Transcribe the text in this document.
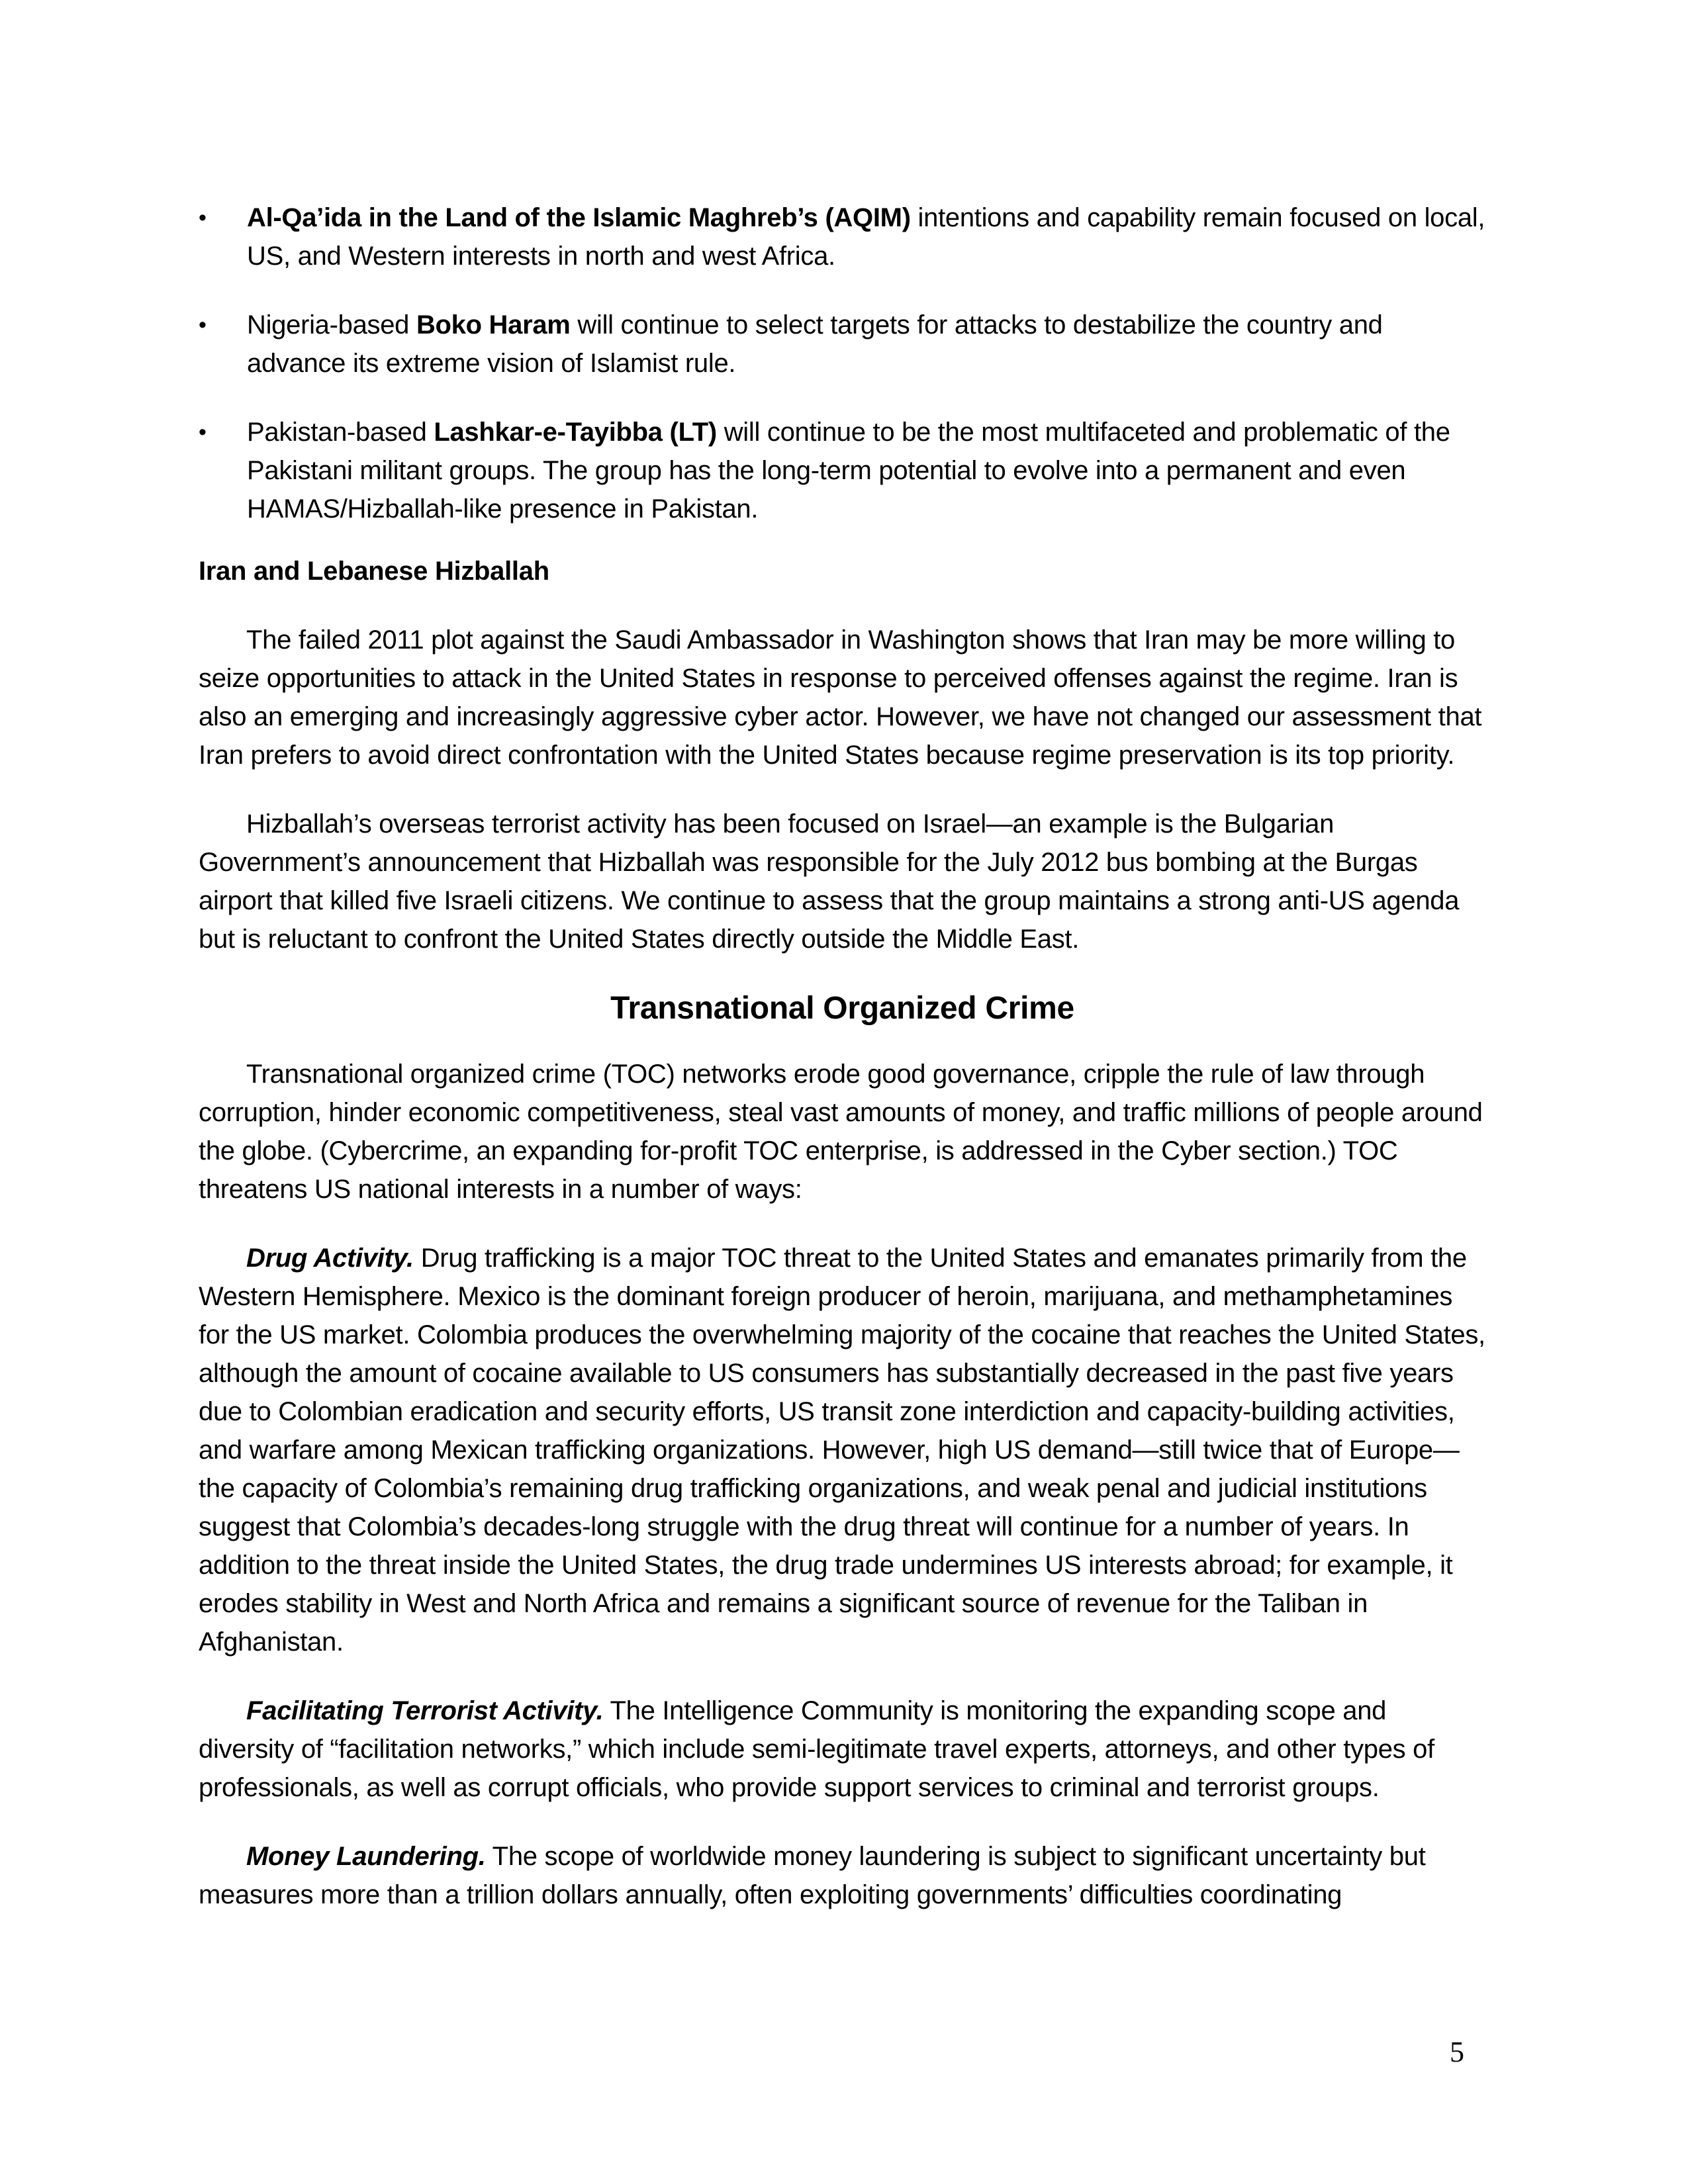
•	Al-Qa’ida in the Land of the Islamic Maghreb’s (AQIM) intentions and capability remain focused on local, US, and Western interests in north and west Africa.
•	Nigeria-based Boko Haram will continue to select targets for attacks to destabilize the country and advance its extreme vision of Islamist rule.
•	Pakistan-based Lashkar-e-Tayibba (LT) will continue to be the most multifaceted and problematic of the Pakistani militant groups. The group has the long-term potential to evolve into a permanent and even HAMAS/Hizballah-like presence in Pakistan.

Iran and Lebanese Hizballah

The failed 2011 plot against the Saudi Ambassador in Washington shows that Iran may be more willing to seize opportunities to attack in the United States in response to perceived offenses against the regime. Iran is also an emerging and increasingly aggressive cyber actor. However, we have not changed our assessment that Iran prefers to avoid direct confrontation with the United States because regime preservation is its top priority.

Hizballah’s overseas terrorist activity has been focused on Israel—an example is the Bulgarian Government’s announcement that Hizballah was responsible for the July 2012 bus bombing at the Burgas airport that killed five Israeli citizens. We continue to assess that the group maintains a strong anti-US agenda but is reluctant to confront the United States directly outside the Middle East.

Transnational Organized Crime

Transnational organized crime (TOC) networks erode good governance, cripple the rule of law through corruption, hinder economic competitiveness, steal vast amounts of money, and traffic millions of people around the globe. (Cybercrime, an expanding for-profit TOC enterprise, is addressed in the Cyber section.) TOC threatens US national interests in a number of ways:

Drug Activity. Drug trafficking is a major TOC threat to the United States and emanates primarily from the Western Hemisphere. Mexico is the dominant foreign producer of heroin, marijuana, and methamphetamines for the US market. Colombia produces the overwhelming majority of the cocaine that reaches the United States, although the amount of cocaine available to US consumers has substantially decreased in the past five years due to Colombian eradication and security efforts, US transit zone interdiction and capacity-building activities, and warfare among Mexican trafficking organizations. However, high US demand—still twice that of Europe—the capacity of Colombia’s remaining drug trafficking organizations, and weak penal and judicial institutions suggest that Colombia’s decades-long struggle with the drug threat will continue for a number of years. In addition to the threat inside the United States, the drug trade undermines US interests abroad; for example, it erodes stability in West and North Africa and remains a significant source of revenue for the Taliban in Afghanistan.

Facilitating Terrorist Activity. The Intelligence Community is monitoring the expanding scope and diversity of “facilitation networks,” which include semi-legitimate travel experts, attorneys, and other types of professionals, as well as corrupt officials, who provide support services to criminal and terrorist groups.

Money Laundering. The scope of worldwide money laundering is subject to significant uncertainty but measures more than a trillion dollars annually, often exploiting governments’ difficulties coordinating

5
